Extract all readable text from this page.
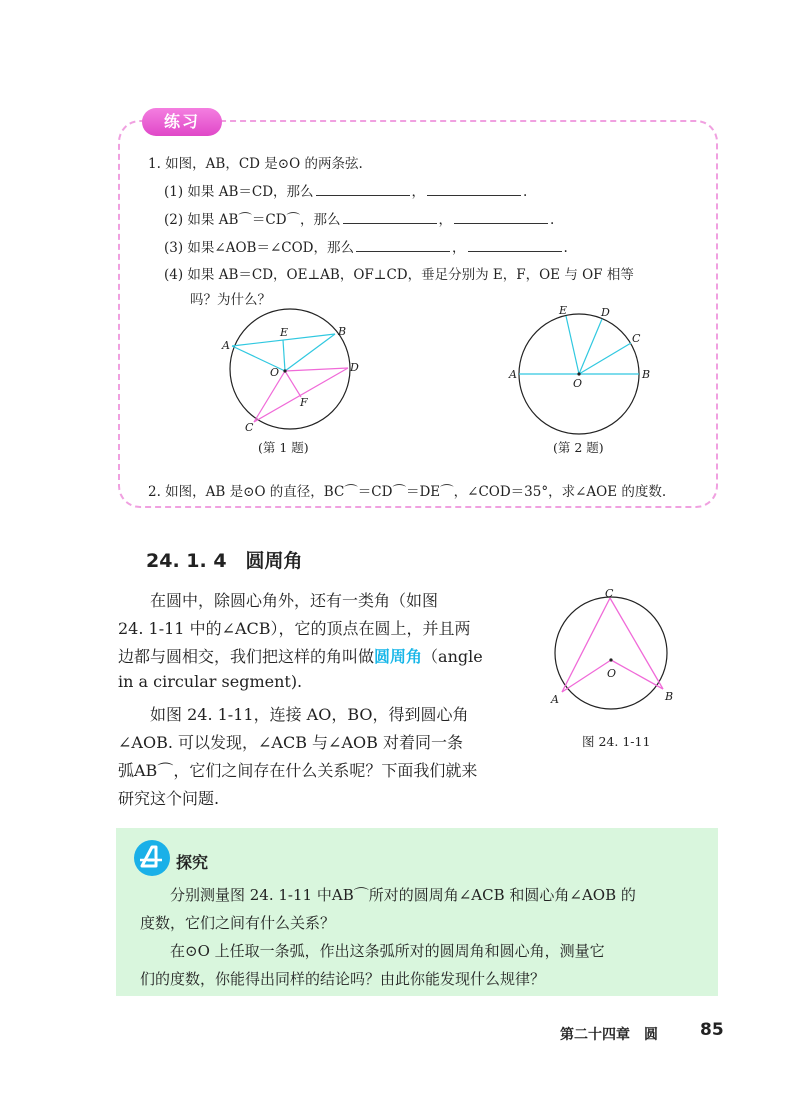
练习
1. 如图，AB，CD 是⊙O 的两条弦.
(1) 如果 AB＝CD，那么	，	.
(2) 如果 AB⌒＝CD⌒，那么	，	.
(3) 如果∠AOB＝∠COD，那么	，	.
(4) 如果 AB＝CD，OE⊥AB，OF⊥CD，垂足分别为 E，F，OE 与 OF 相等
吗？为什么？
A
B
C
D
E
F
O
(第 1 题)
A	B
C
D
E
O
(第 2 题)
2. 如图，AB 是⊙O 的直径，BC⌒＝CD⌒＝DE⌒，∠COD＝35°，求∠AOE 的度数.
24. 1. 4　圆周角
在圆中，除圆心角外，还有一类角（如图
24. 1-11 中的∠ACB），它的顶点在圆上，并且两
边都与圆相交，我们把这样的角叫做圆周角（angle
in a circular segment).
如图 24. 1-11，连接 AO，BO，得到圆心角
∠AOB. 可以发现，∠ACB 与∠AOB 对着同一条
弧AB⌒，它们之间存在什么关系呢？下面我们就来
研究这个问题.
C
A	B
O
图 24. 1-11
探究
分别测量图 24. 1-11 中AB⌒所对的圆周角∠ACB 和圆心角∠AOB 的
度数，它们之间有什么关系？
在⊙O 上任取一条弧，作出这条弧所对的圆周角和圆心角，测量它
们的度数，你能得出同样的结论吗？由此你能发现什么规律？
第二十四章　圆 85
